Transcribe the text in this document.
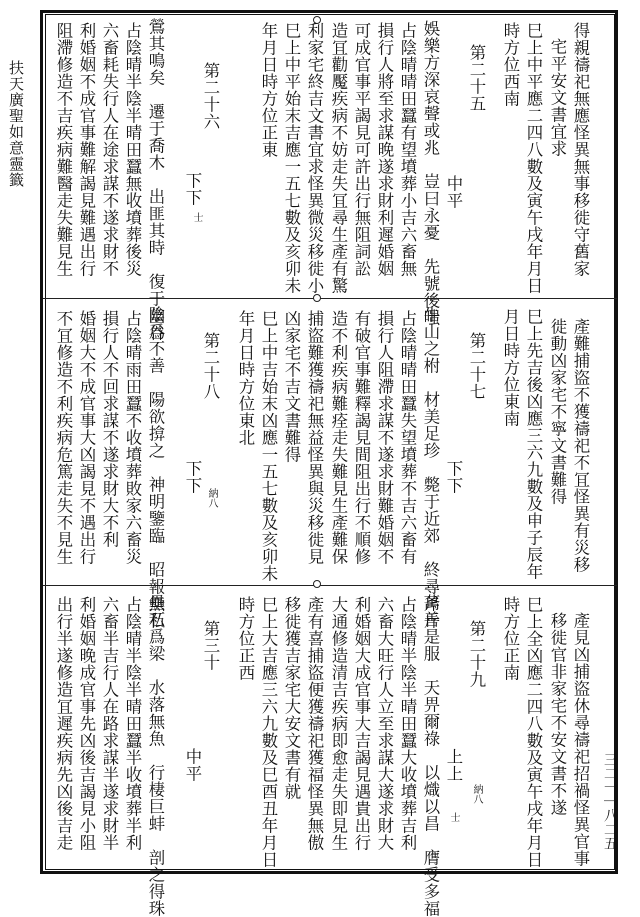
扶天廣聖如意靈籤
三二一｜八二五
得親禱祀無應怪異無事移徙守舊家
宅平安文書宜求
巳上中平應二四八數及寅午戌年月日
時方位西南
第二十五
中平
娛樂方深哀聲或兆　豈曰永憂　先號後嗤
占陰晴晴田蠶有望墳葬小吉六畜無
損行人將至求謀晚遂求財利遲婚姻
可成官事平謁見可許出行無阻詞訟
造冝勸魘疾病不妨走失冝尋生產有驚
巳上中平始末吉應一五七數及亥卯未 利家宅終吉文書宜求怪異微災移徙小
年月日時方位正東
第二十六
下下
鶯其鳴矣　遷于喬木　出匪其時　復于幽谷
占陰晴半陰半晴田蠶無收墳葬後災
六畜耗失行人在途求謀不遂求財不
利婚姻不成官事難解謁見難遇出行
阻滯修造不吉疾病難醫走失難見生
產難捕盜不獲禱祀不冝怪異有災移
徙動凶家宅不寧文書難得
巳上先吉後凶應三六九數及申子辰年
月日時方位東南
第二十七
下下
牛山之柎　材美足珍　斃于近郊　終尋斧斤
占陰晴晴田蠶失望墳葬不吉六畜有
損行人阻滯求謀不遂求財難婚姻不
有破官事難釋謁見間阻出行不順修
造不利疾病難痊走失難見生產難保
捕盜難獲禱祀無益怪異與災移徙見
凶家宅不吉文書難得
巳上中吉始末凶應一五七數及亥卯未
年月日時方位東北
第二十八
下下
陰爲不善　陽欲揜之　神明鑒臨　昭報無私
占陰晴雨田蠶不收墳葬敗家六畜災
損行人不回求謀不遂求財大不利
婚姻大不成官事大凶謁見不遇出行
不冝修造不利疾病危篤走失不見生
產見凶捕盜休尋禱祀招禍怪異官事
移徙官非家宅不安文書不遂
巳上全凶應二四八數及寅午戌年月日
時方位正南
第二十九
上上
萬善是服　天畀爾祿　以熾以昌　膺受多福
占陰晴半陰半晴田蠶大收墳葬吉利
六畜大旺行人立至求謀大遂求財大
利婚姻大成官事大吉謁見遇貴出行
大通修造清吉疾病即愈走失即見生
產有喜捕盜便獲禱祀獲福怪異無傲
移徙獲吉家宅大安文書有就
巳上大吉應三六九數及巳酉丑年月日
時方位正西
第三十
中平
壘石爲梁　水落無魚　行棲巨蚌　剖之得珠
占陰晴半陰半晴田蠶半收墳葬半利
六畜半吉行人在路求謀半遂求財半
利婚姻晚成官事先凶後吉謁見小阻
出行半遂修造冝遲疾病先凶後吉走
士
納八
納八
士
